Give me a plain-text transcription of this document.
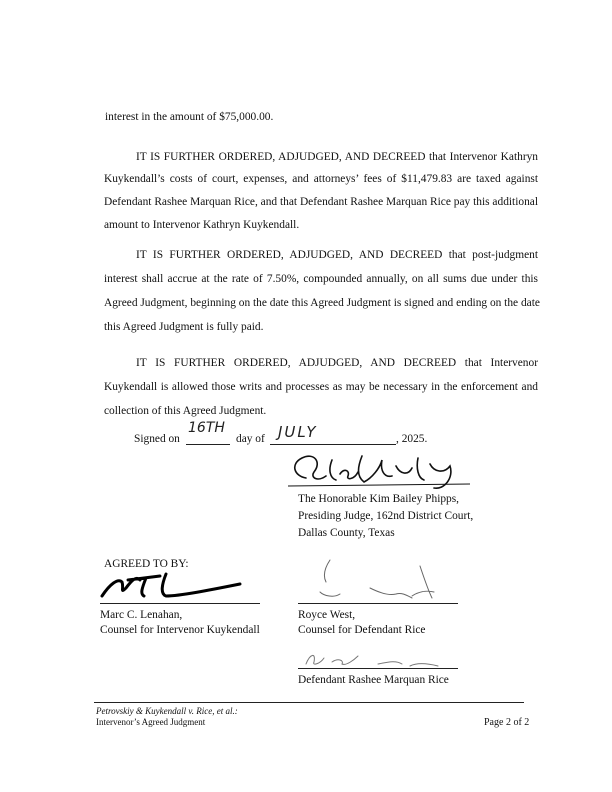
interest in the amount of $75,000.00.
IT IS FURTHER ORDERED, ADJUDGED, AND DECREED that Intervenor Kathryn
Kuykendall’s costs of court, expenses, and attorneys’ fees of $11,479.83 are taxed against
Defendant Rashee Marquan Rice, and that Defendant Rashee Marquan Rice pay this additional
amount to Intervenor Kathryn Kuykendall.
IT IS FURTHER ORDERED, ADJUDGED, AND DECREED that post-judgment
interest shall accrue at the rate of 7.50%, compounded annually, on all sums due under this
Agreed Judgment, beginning on the date this Agreed Judgment is signed and ending on the date
this Agreed Judgment is fully paid.
IT IS FURTHER ORDERED, ADJUDGED, AND DECREED that Intervenor
Kuykendall is allowed those writs and processes as may be necessary in the enforcement and
collection of this Agreed Judgment.
Signed on
16TH
day of JULY	, 2025.
The Honorable Kim Bailey Phipps,
Presiding Judge, 162nd District Court,
Dallas County, Texas
AGREED TO BY:
Marc C. Lenahan,
Counsel for Intervenor Kuykendall
Royce West,
Counsel for Defendant Rice
Defendant Rashee Marquan Rice
Petrovskiy & Kuykendall v. Rice, et al.:
Intervenor’s Agreed Judgment	Page 2 of 2
